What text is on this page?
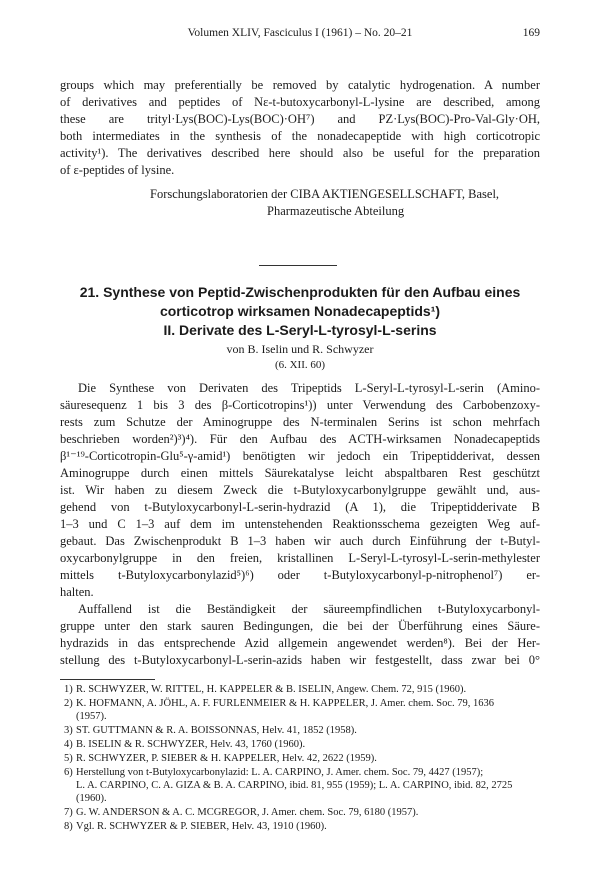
Volumen XLIV, Fasciculus I (1961) – No. 20–21	169
groups which may preferentially be removed by catalytic hydrogenation. A number
of derivatives and peptides of Nε-t-butoxycarbonyl-L-lysine are described, among
these are trityl·Lys(BOC)-Lys(BOC)·OH⁷) and PZ·Lys(BOC)-Pro-Val-Gly·OH,
both intermediates in the synthesis of the nonadecapeptide with high corticotropic
activity¹). The derivatives described here should also be useful for the preparation
of ε-peptides of lysine.
Forschungslaboratorien der CIBA AKTIENGESELLSCHAFT, Basel,
Pharmazeutische Abteilung
21. Synthese von Peptid-Zwischenprodukten für den Aufbau eines
corticotrop wirksamen Nonadecapeptids¹)
II. Derivate des L-Seryl-L-tyrosyl-L-serins
von B. Iselin und R. Schwyzer
(6. XII. 60)
Die Synthese von Derivaten des Tripeptids L-Seryl-L-tyrosyl-L-serin (Amino-
säuresequenz 1 bis 3 des β-Corticotropins¹)) unter Verwendung des Carbobenzoxy-
rests zum Schutze der Aminogruppe des N-terminalen Serins ist schon mehrfach
beschrieben worden²)³)⁴). Für den Aufbau des ACTH-wirksamen Nonadecapeptids
β¹⁻¹⁹-Corticotropin-Glu⁵-γ-amid¹) benötigten wir jedoch ein Tripeptidderivat, dessen
Aminogruppe durch einen mittels Säurekatalyse leicht abspaltbaren Rest geschützt
ist. Wir haben zu diesem Zweck die t-Butyloxycarbonylgruppe gewählt und, aus-
gehend von t-Butyloxycarbonyl-L-serin-hydrazid (A 1), die Tripeptidderivate B
1–3 und C 1–3 auf dem im untenstehenden Reaktionsschema gezeigten Weg auf-
gebaut. Das Zwischenprodukt B 1–3 haben wir auch durch Einführung der t-Butyl-
oxycarbonylgruppe in den freien, kristallinen L-Seryl-L-tyrosyl-L-serin-methylester
mittels t-Butyloxycarbonylazid⁵)⁶) oder t-Butyloxycarbonyl-p-nitrophenol⁷) er-
halten.
Auffallend ist die Beständigkeit der säureempfindlichen t-Butyloxycarbonyl-
gruppe unter den stark sauren Bedingungen, die bei der Überführung eines Säure-
hydrazids in das entsprechende Azid allgemein angewendet werden⁸). Bei der Her-
stellung des t-Butyloxycarbonyl-L-serin-azids haben wir festgestellt, dass zwar bei 0°
1) R. SCHWYZER, W. RITTEL, H. KAPPELER & B. ISELIN, Angew. Chem. 72, 915 (1960).
2) K. HOFMANN, A. JÖHL, A. F. FURLENMEIER & H. KAPPELER, J. Amer. chem. Soc. 79, 1636
(1957).
3) ST. GUTTMANN & R. A. BOISSONNAS, Helv. 41, 1852 (1958).
4) B. ISELIN & R. SCHWYZER, Helv. 43, 1760 (1960).
5) R. SCHWYZER, P. SIEBER & H. KAPPELER, Helv. 42, 2622 (1959).
6) Herstellung von t-Butyloxycarbonylazid: L. A. CARPINO, J. Amer. chem. Soc. 79, 4427 (1957);
L. A. CARPINO, C. A. GIZA & B. A. CARPINO, ibid. 81, 955 (1959); L. A. CARPINO, ibid. 82, 2725
(1960).
7) G. W. ANDERSON & A. C. MCGREGOR, J. Amer. chem. Soc. 79, 6180 (1957).
8) Vgl. R. SCHWYZER & P. SIEBER, Helv. 43, 1910 (1960).
